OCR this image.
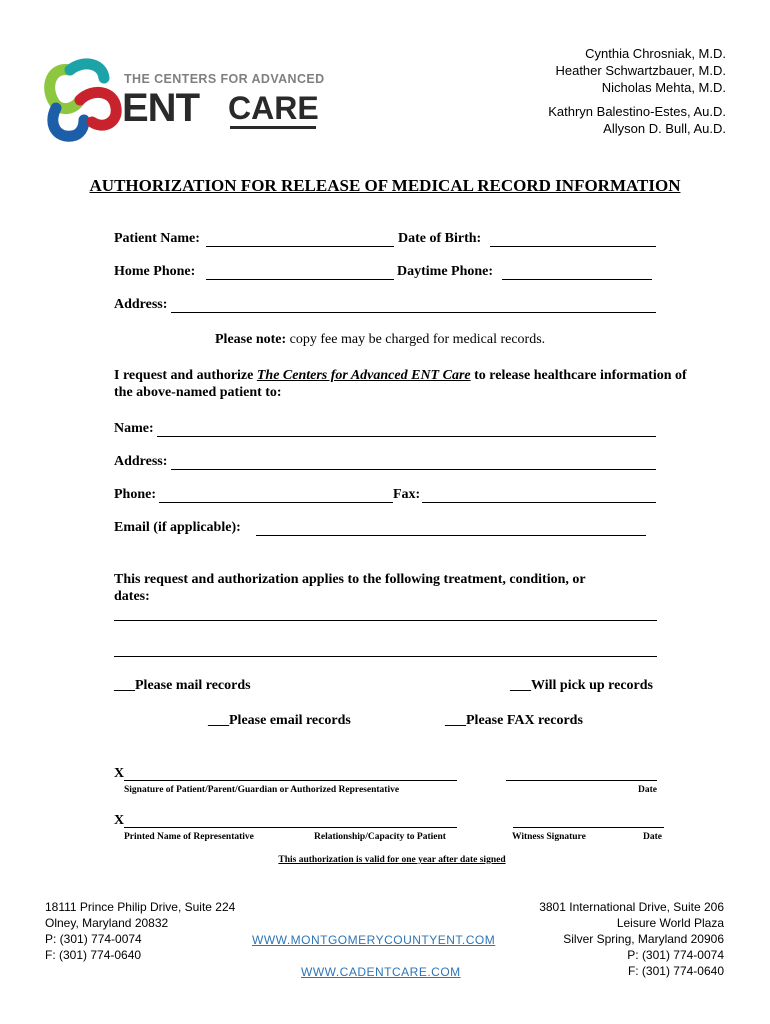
THE CENTERS FOR ADVANCED
ENT CARE
Cynthia Chrosniak, M.D.
Heather Schwartzbauer, M.D.
Nicholas Mehta, M.D.
Kathryn Balestino-Estes, Au.D.
Allyson D. Bull, Au.D.
AUTHORIZATION FOR RELEASE OF MEDICAL RECORD INFORMATION
Patient Name:	Date of Birth:
Home Phone:	Daytime Phone:
Address:
Please note: copy fee may be charged for medical records.
I request and authorize The Centers for Advanced ENT Care to release healthcare information of
the above-named patient to:
Name:
Address:
Phone:	Fax:
Email (if applicable):
This request and authorization applies to the following treatment, condition, or
dates:
___Please mail records	___Will pick up records
___Please email records	___Please FAX records
X
Signature of Patient/Parent/Guardian or Authorized Representative	Date
X
Printed Name of Representative	Relationship/Capacity to Patient	Witness Signature	Date
This authorization is valid for one year after date signed
18111 Prince Philip Drive, Suite 224
Olney, Maryland 20832
P: (301) 774-0074
F: (301) 774-0640
WWW.MONTGOMERYCOUNTYENT.COM
WWW.CADENTCARE.COM
3801 International Drive, Suite 206
Leisure World Plaza
Silver Spring, Maryland 20906
P: (301) 774-0074
F: (301) 774-0640
